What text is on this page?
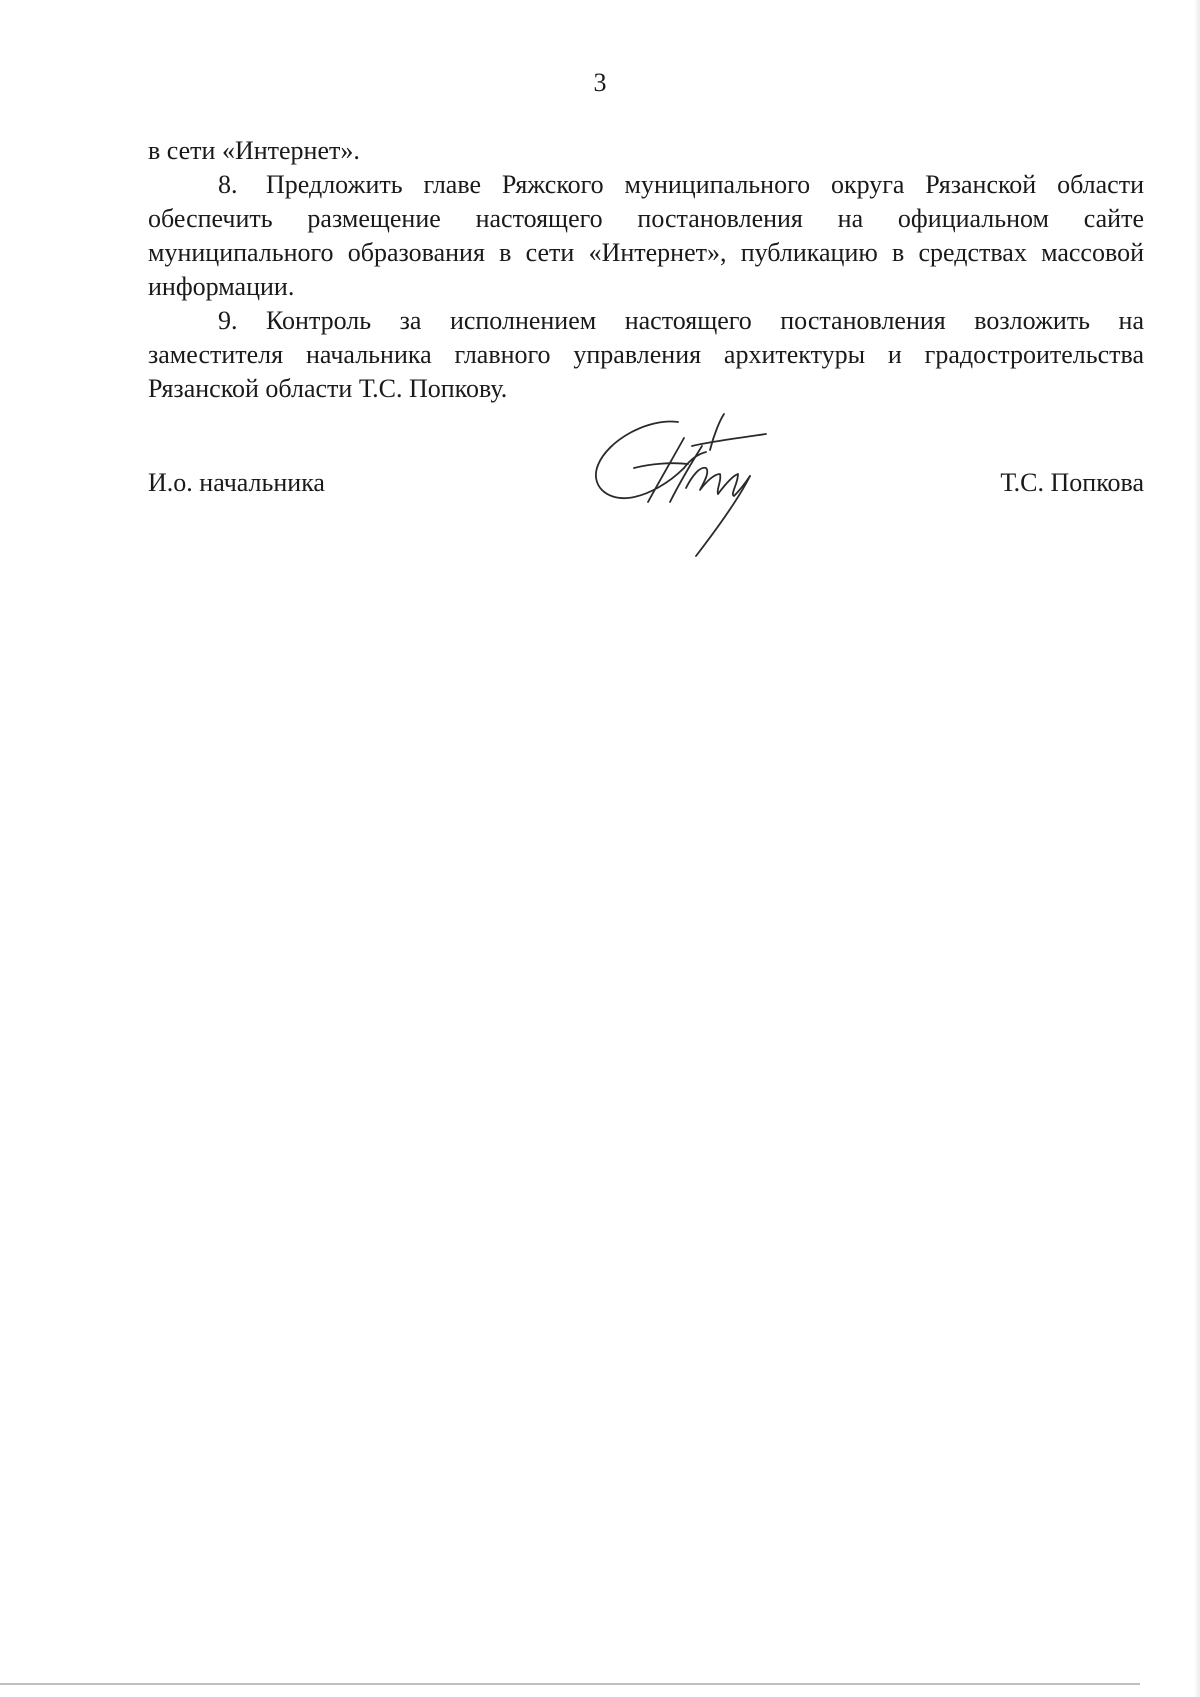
3

в сети «Интернет».

8. Предложить главе Ряжского муниципального округа Рязанской области обеспечить размещение настоящего постановления на официальном сайте муниципального образования в сети «Интернет», публикацию в средствах массовой информации.

9. Контроль за исполнением настоящего постановления возложить на заместителя начальника главного управления архитектуры и градостроительства Рязанской области Т.С. Попкову.

И.о. начальника	Т.С. Попкова
